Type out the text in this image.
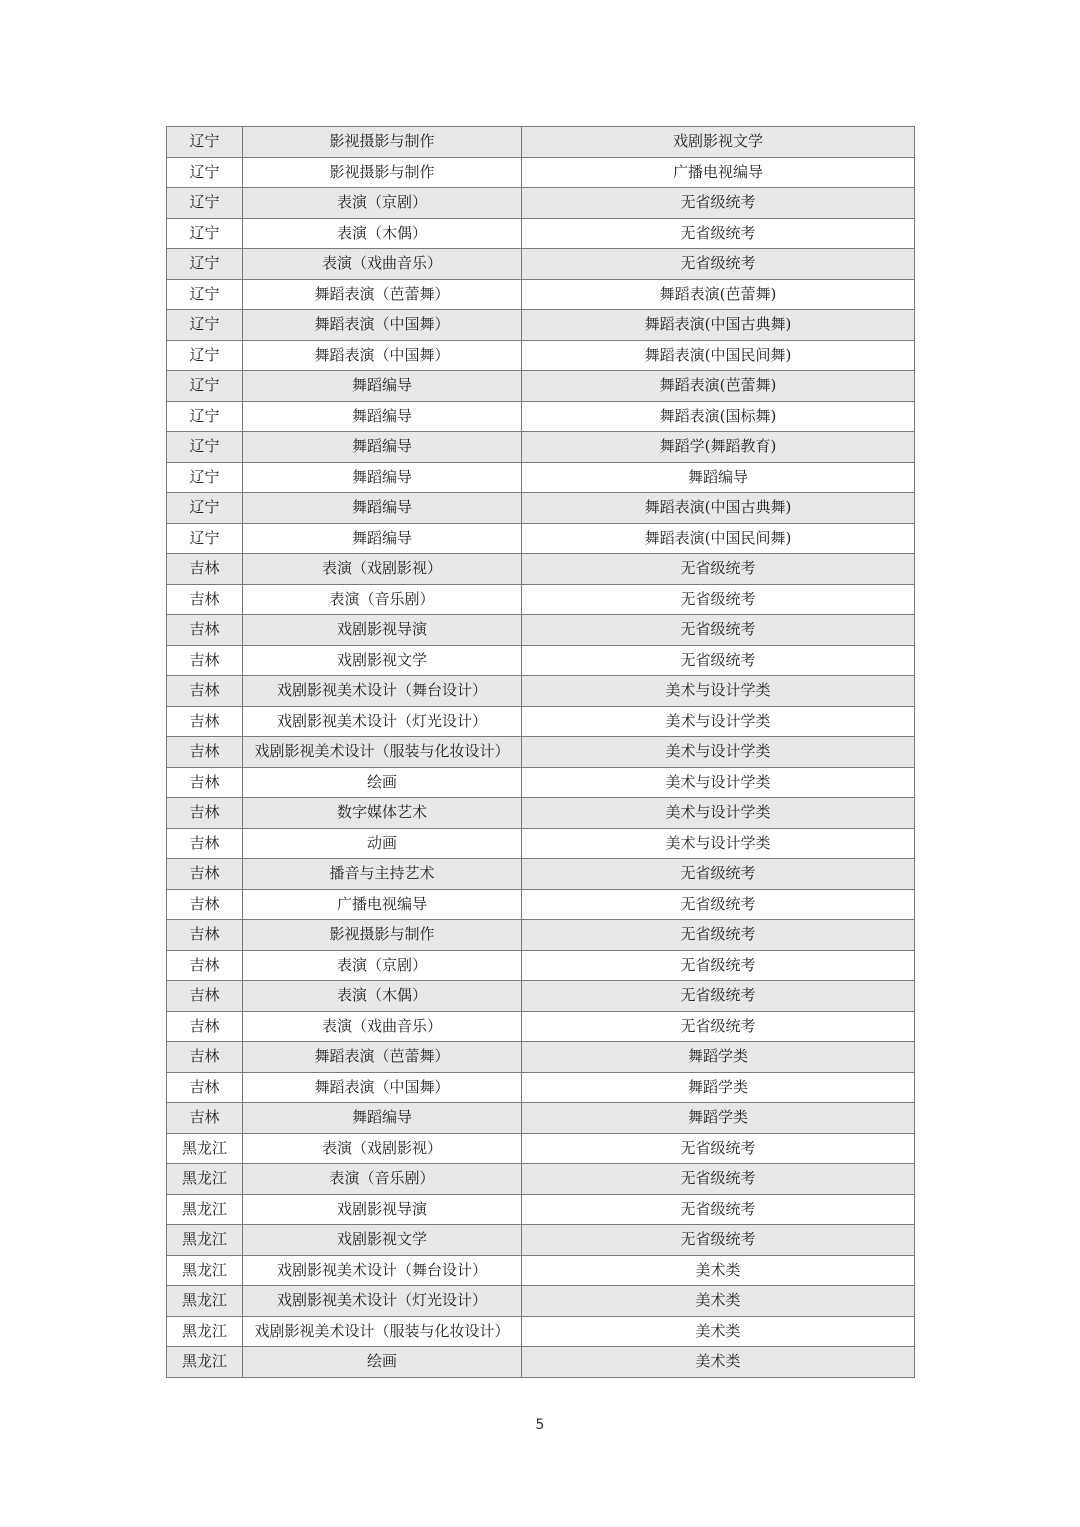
辽宁	影视摄影与制作	戏剧影视文学
辽宁	影视摄影与制作	广播电视编导
辽宁	表演（京剧）	无省级统考
辽宁	表演（木偶）	无省级统考
辽宁	表演（戏曲音乐）	无省级统考
辽宁	舞蹈表演（芭蕾舞）	舞蹈表演(芭蕾舞)
辽宁	舞蹈表演（中国舞）	舞蹈表演(中国古典舞)
辽宁	舞蹈表演（中国舞）	舞蹈表演(中国民间舞)
辽宁	舞蹈编导	舞蹈表演(芭蕾舞)
辽宁	舞蹈编导	舞蹈表演(国标舞)
辽宁	舞蹈编导	舞蹈学(舞蹈教育)
辽宁	舞蹈编导	舞蹈编导
辽宁	舞蹈编导	舞蹈表演(中国古典舞)
辽宁	舞蹈编导	舞蹈表演(中国民间舞)
吉林	表演（戏剧影视）	无省级统考
吉林	表演（音乐剧）	无省级统考
吉林	戏剧影视导演	无省级统考
吉林	戏剧影视文学	无省级统考
吉林	戏剧影视美术设计（舞台设计）	美术与设计学类
吉林	戏剧影视美术设计（灯光设计）	美术与设计学类
吉林	戏剧影视美术设计（服装与化妆设计）	美术与设计学类
吉林	绘画	美术与设计学类
吉林	数字媒体艺术	美术与设计学类
吉林	动画	美术与设计学类
吉林	播音与主持艺术	无省级统考
吉林	广播电视编导	无省级统考
吉林	影视摄影与制作	无省级统考
吉林	表演（京剧）	无省级统考
吉林	表演（木偶）	无省级统考
吉林	表演（戏曲音乐）	无省级统考
吉林	舞蹈表演（芭蕾舞）	舞蹈学类
吉林	舞蹈表演（中国舞）	舞蹈学类
吉林	舞蹈编导	舞蹈学类
黑龙江	表演（戏剧影视）	无省级统考
黑龙江	表演（音乐剧）	无省级统考
黑龙江	戏剧影视导演	无省级统考
黑龙江	戏剧影视文学	无省级统考
黑龙江	戏剧影视美术设计（舞台设计）	美术类
黑龙江	戏剧影视美术设计（灯光设计）	美术类
黑龙江	戏剧影视美术设计（服装与化妆设计）	美术类
黑龙江	绘画	美术类
5
